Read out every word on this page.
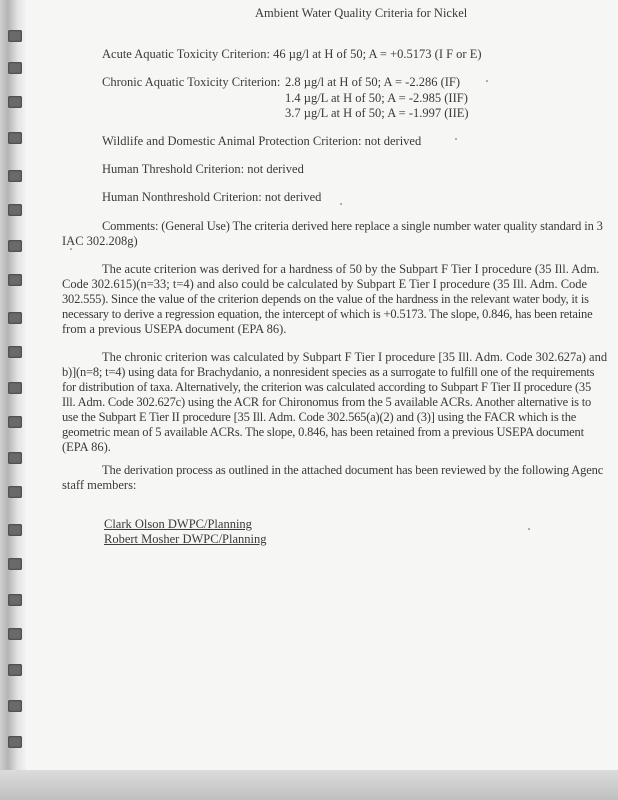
Ambient Water Quality Criteria for Nickel
Acute Aquatic Toxicity Criterion: 46 µg/l at H of 50; A = +0.5173 (I F or E)
Chronic Aquatic Toxicity Criterion: 2.8 µg/l at H of 50; A = -2.286 (IF)
1.4 µg/L at H of 50; A = -2.985 (IIF)
3.7 µg/L at H of 50; A = -1.997 (IIE)
Wildlife and Domestic Animal Protection Criterion: not derived
Human Threshold Criterion: not derived
Human Nonthreshold Criterion: not derived
Comments: (General Use) The criteria derived here replace a single number water quality standard in 3
IAC 302.208g)
The acute criterion was derived for a hardness of 50 by the Subpart F Tier I procedure (35 Ill. Adm.
Code 302.615)(n=33; t=4) and also could be calculated by Subpart E Tier I procedure (35 Ill. Adm. Code
302.555). Since the value of the criterion depends on the value of the hardness in the relevant water body, it is
necessary to derive a regression equation, the intercept of which is +0.5173. The slope, 0.846, has been retaine
from a previous USEPA document (EPA 86).
The chronic criterion was calculated by Subpart F Tier I procedure [35 Ill. Adm. Code 302.627a) and
b)](n=8; t=4) using data for Brachydanio, a nonresident species as a surrogate to fulfill one of the requirements
for distribution of taxa. Alternatively, the criterion was calculated according to Subpart F Tier II procedure (35
Ill. Adm. Code 302.627c) using the ACR for Chironomus from the 5 available ACRs. Another alternative is to
use the Subpart E Tier II procedure [35 Ill. Adm. Code 302.565(a)(2) and (3)] using the FACR which is the
geometric mean of 5 available ACRs. The slope, 0.846, has been retained from a previous USEPA document
(EPA 86).
The derivation process as outlined in the attached document has been reviewed by the following Agenc
staff members:
Clark Olson DWPC/Planning
Robert Mosher DWPC/Planning
